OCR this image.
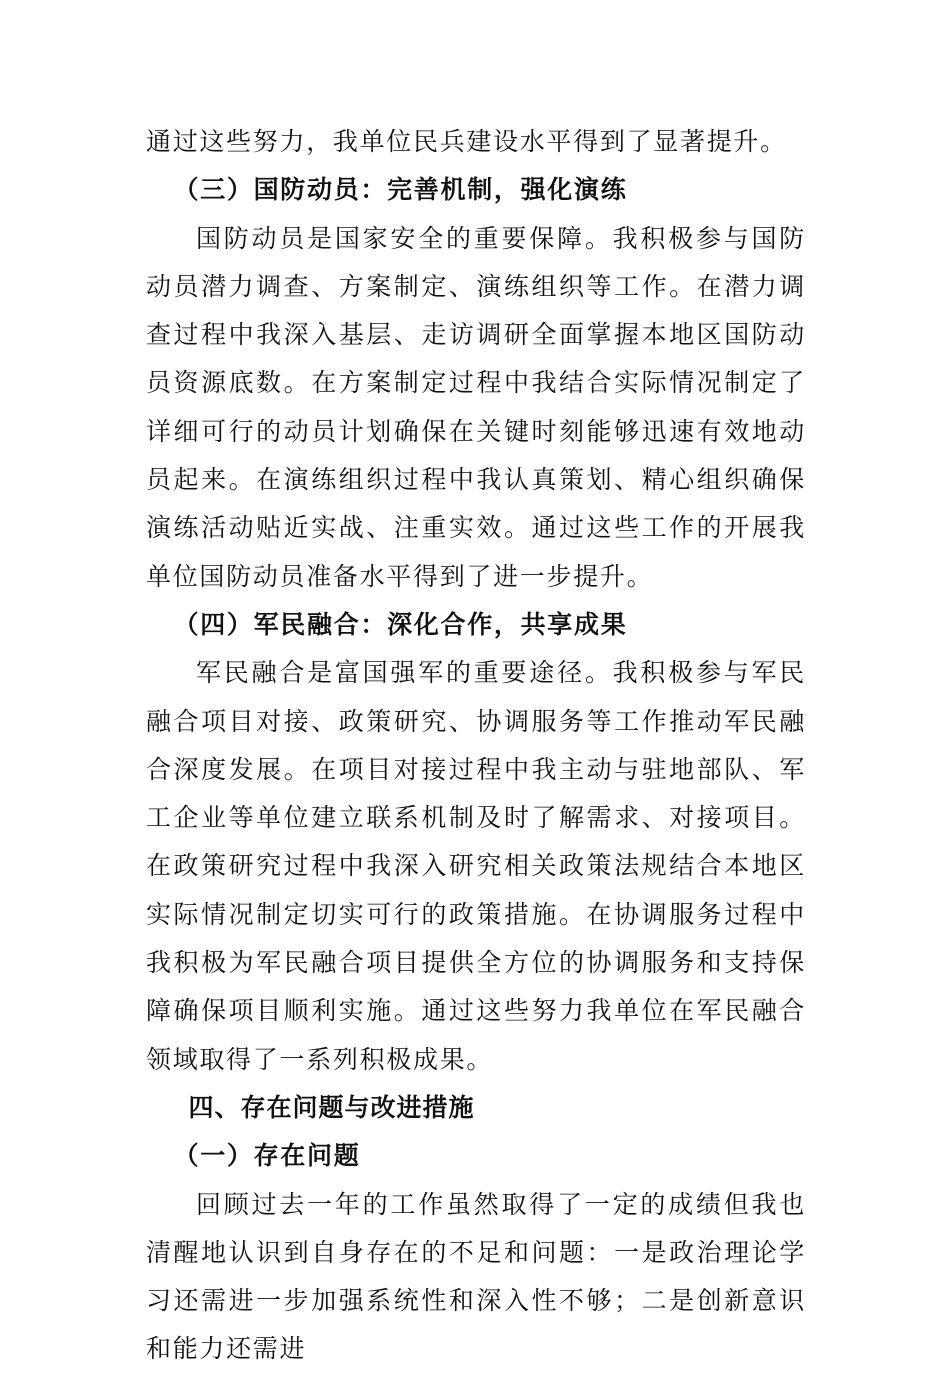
通过这些努力，我单位民兵建设水平得到了显著提升。

（三）国防动员：完善机制，强化演练

国防动员是国家安全的重要保障。我积极参与国防动员潜力调查、方案制定、演练组织等工作。在潜力调查过程中我深入基层、走访调研全面掌握本地区国防动员资源底数。在方案制定过程中我结合实际情况制定了详细可行的动员计划确保在关键时刻能够迅速有效地动员起来。在演练组织过程中我认真策划、精心组织确保演练活动贴近实战、注重实效。通过这些工作的开展我单位国防动员准备水平得到了进一步提升。

（四）军民融合：深化合作，共享成果

军民融合是富国强军的重要途径。我积极参与军民融合项目对接、政策研究、协调服务等工作推动军民融合深度发展。在项目对接过程中我主动与驻地部队、军工企业等单位建立联系机制及时了解需求、对接项目。在政策研究过程中我深入研究相关政策法规结合本地区实际情况制定切实可行的政策措施。在协调服务过程中我积极为军民融合项目提供全方位的协调服务和支持保障确保项目顺利实施。通过这些努力我单位在军民融合领域取得了一系列积极成果。

四、存在问题与改进措施

（一）存在问题

回顾过去一年的工作虽然取得了一定的成绩但我也清醒地认识到自身存在的不足和问题：一是政治理论学习还需进一步加强系统性和深入性不够；二是创新意识和能力还需进
